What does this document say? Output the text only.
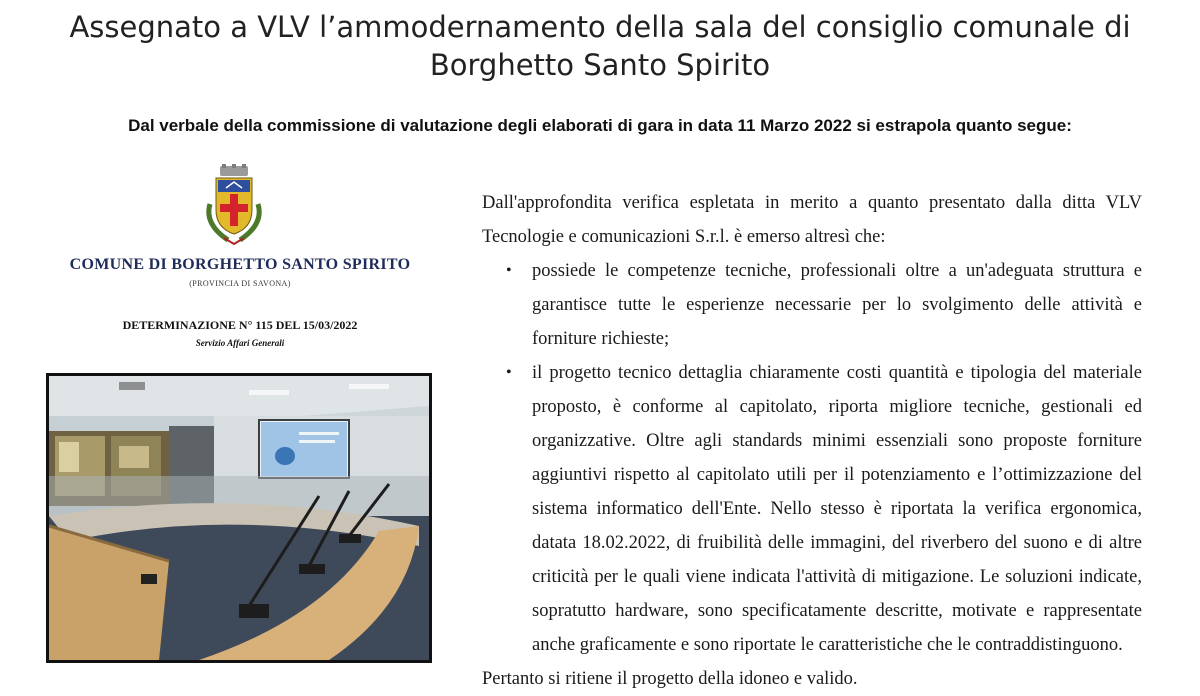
Assegnato a VLV l’ammodernamento della sala del consiglio comunale di Borghetto Santo Spirito
Dal verbale della commissione di valutazione degli elaborati di gara in data 11 Marzo 2022 si estrapola quanto segue:
COMUNE DI BORGHETTO SANTO SPIRITO
(PROVINCIA DI SAVONA)
DETERMINAZIONE N° 115 DEL 15/03/2022
Servizio Affari Generali

Dall'approfondita verifica espletata in merito a quanto presentato dalla ditta VLV Tecnologie e comunicazioni S.r.l. è emerso altresì che:

• possiede le competenze tecniche, professionali oltre a un'adeguata struttura e garantisce tutte le esperienze necessarie per lo svolgimento delle attività e forniture richieste;
• il progetto tecnico dettaglia chiaramente costi quantità e tipologia del materiale proposto, è conforme al capitolato, riporta migliore tecniche, gestionali ed organizzative. Oltre agli standards minimi essenziali sono proposte forniture aggiuntivi rispetto al capitolato utili per il potenziamento e l’ottimizzazione del sistema informatico dell'Ente. Nello stesso è riportata la verifica ergonomica, datata 18.02.2022, di fruibilità delle immagini, del riverbero del suono e di altre criticità per le quali viene indicata l'attività di mitigazione. Le soluzioni indicate, sopratutto hardware, sono specificatamente descritte, motivate e rappresentate anche graficamente e sono riportate le caratteristiche che le contraddistinguono.

Pertanto si ritiene il progetto della idoneo e valido.
